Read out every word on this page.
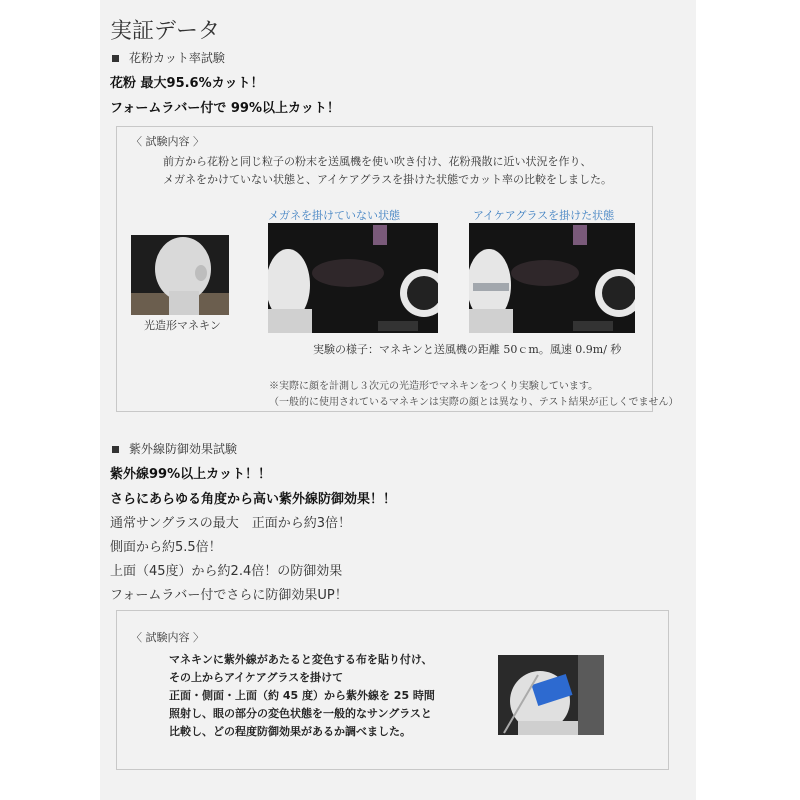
実証データ
花粉カット率試験
花粉 最大95.6%カット！
フォームラバー付で 99%以上カット！
〈 試験内容 〉
前方から花粉と同じ粒子の粉末を送風機を使い吹き付け、花粉飛散に近い状況を作り、
メガネをかけていない状態と、アイケアグラスを掛けた状態でカット率の比較をしました。
光造形マネキン
メガネを掛けていない状態	アイケアグラスを掛けた状態
実験の様子：マネキンと送風機の距離 50ｃm。風速 0.9m/ 秒
※実際に顔を計測し３次元の光造形でマネキンをつくり実験しています。
（一般的に使用されているマネキンは実際の顔とは異なり、テスト結果が正しくでません）
紫外線防御効果試験
紫外線99%以上カット！！
さらにあらゆる角度から高い紫外線防御効果！！
通常サングラスの最大　正面から約3倍！
側面から約5.5倍！
上面（45度）から約2.4倍！の防御効果
フォームラバー付でさらに防御効果UP！
〈 試験内容 〉
マネキンに紫外線があたると変色する布を貼り付け、
その上からアイケアグラスを掛けて
正面・側面・上面（約 45 度）から紫外線を 25 時間
照射し、眼の部分の変色状態を一般的なサングラスと
比較し、どの程度防御効果があるか調べました。
